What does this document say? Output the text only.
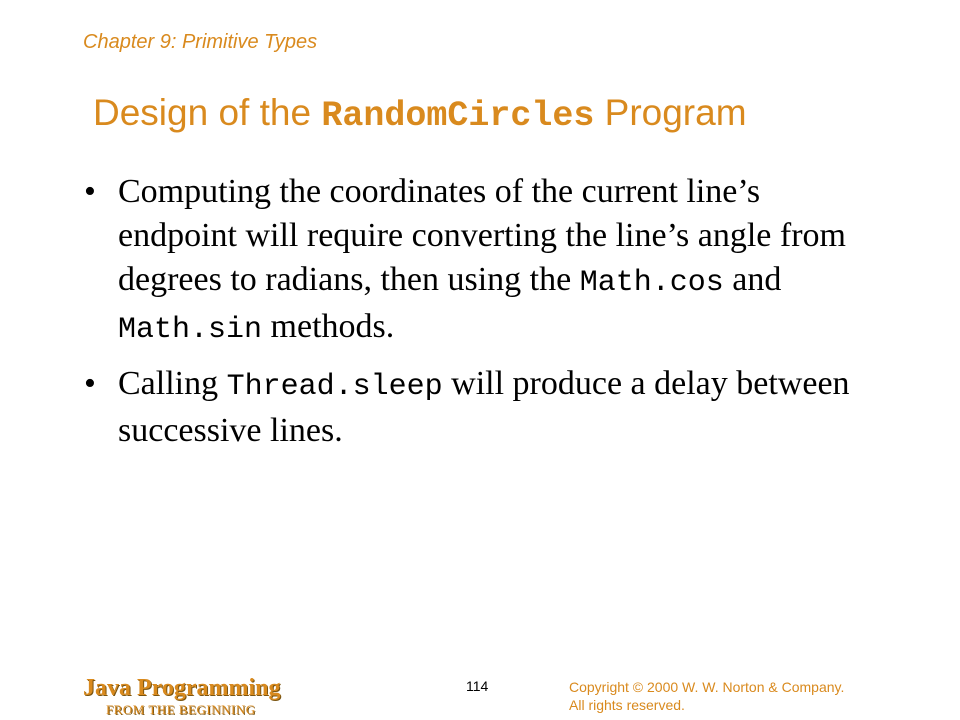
Chapter 9: Primitive Types
Design of the RandomCircles Program
• Computing the coordinates of the current line’s endpoint will require converting the line’s angle from degrees to radians, then using the Math.cos and Math.sin methods.
• Calling Thread.sleep will produce a delay between successive lines.
Java Programming
FROM THE BEGINNING
114	Copyright © 2000 W. W. Norton & Company.
All rights reserved.
